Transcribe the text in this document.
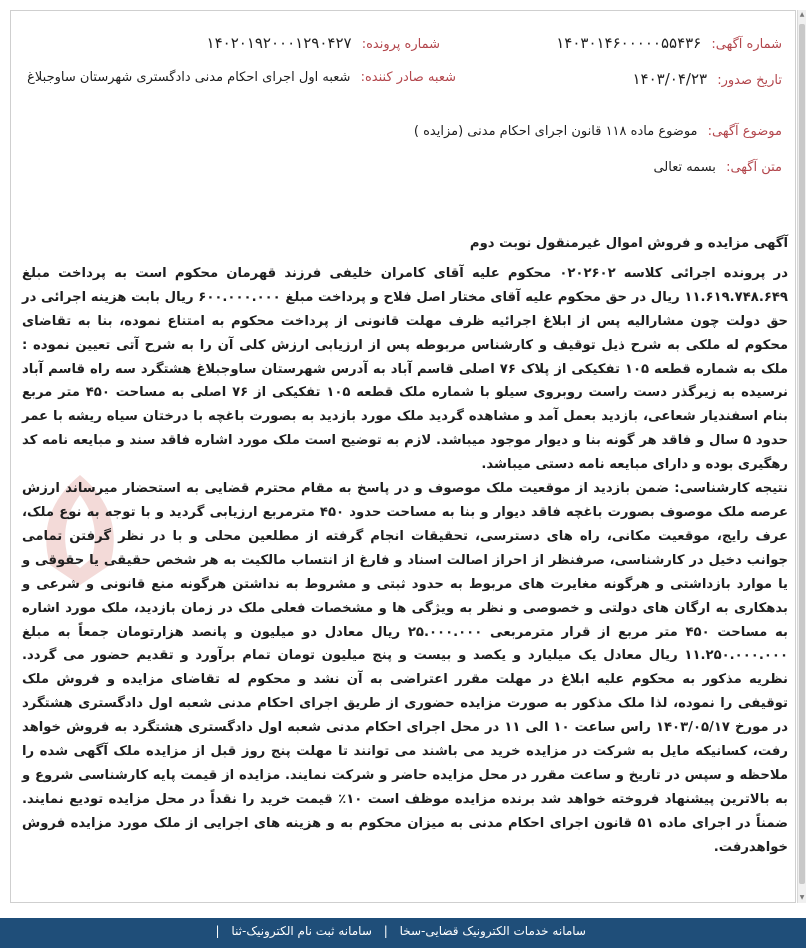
▲
▼
شماره آگهی: ۱۴۰۳۰۱۴۶۰۰۰۰۰۵۵۴۳۶
شماره پرونده: ۱۴۰۲۰۱۹۲۰۰۰۱۲۹۰۴۲۷
تاریخ صدور: ۱۴۰۳/۰۴/۲۳
شعبه صادر کننده: شعبه اول اجرای احکام مدنی دادگستری شهرستان ساوجبلاغ
موضوع آگهی: موضوع ماده ۱۱۸ قانون اجرای احکام مدنی (مزایده )
متن آگهی: بسمه تعالی
آگهی مزایده و فروش اموال غیرمنقول نوبت دوم

در پرونده اجرائی کلاسه ۰۲۰۲۶۰۲ محکوم علیه آقای کامران خلیفی فرزند قهرمان محکوم است به پرداخت مبلغ ۱۱.۶۱۹.۷۴۸.۶۴۹ ریال در حق محکوم علیه آقای مختار اصل فلاح و پرداخت مبلغ ۶۰۰.۰۰۰.۰۰۰ ریال بابت هزینه اجرائی در حق دولت چون مشارالیه پس از ابلاغ اجرائیه ظرف مهلت قانونی از پرداخت محکوم به امتناع نموده، بنا به تقاضای محکوم له ملکی به شرح ذیل توقیف و کارشناس مربوطه پس از ارزیابی ارزش کلی آن را به شرح آتی تعیین نموده : ملک به شماره قطعه ۱۰۵ تفکیکی از پلاک ۷۶ اصلی قاسم آباد به آدرس شهرستان ساوجبلاغ هشتگرد سه راه قاسم آباد نرسیده به زیرگذر دست راست روبروی سیلو با شماره ملک قطعه ۱۰۵ تفکیکی از ۷۶ اصلی به مساحت ۴۵۰ متر مربع بنام اسفندیار شعاعی، بازدید بعمل آمد و مشاهده گردید ملک مورد بازدید به بصورت باغچه با درختان سیاه ریشه با عمر حدود ۵ سال و فاقد هر گونه بنا و دیوار موجود میباشد. لازم به توضیح است ملک مورد اشاره فاقد سند و مبایعه نامه کد رهگیری بوده و دارای مبایعه نامه دستی میباشد.

نتیجه کارشناسی: ضمن بازدید از موقعیت ملک موصوف و در پاسخ به مقام محترم قضایی به استحضار میرساند ارزش عرصه ملک موصوف بصورت باغچه فاقد دیوار و بنا به مساحت حدود ۴۵۰ مترمربع ارزیابی گردید و با توجه به نوع ملک، عرف رایج، موقعیت مکانی، راه های دسترسی، تحقیقات انجام گرفته از مطلعین محلی و با در نظر گرفتن تمامی جوانب دخیل در کارشناسی، صرفنظر از احراز اصالت اسناد و فارغ از انتساب مالکیت به هر شخص حقیقی یا حقوقی و یا موارد بازداشتی و هرگونه مغایرت های مربوط به حدود ثبتی و مشروط به نداشتن هرگونه منع قانونی و شرعی و بدهکاری به ارگان های دولتی و خصوصی و نظر به ویژگی ها و مشخصات فعلی ملک در زمان بازدید، ملک مورد اشاره به مساحت ۴۵۰ متر مربع از قرار مترمربعی ۲۵.۰۰۰.۰۰۰ ریال معادل دو میلیون و پانصد هزارتومان جمعاً به مبلغ ۱۱.۲۵۰.۰۰۰.۰۰۰ ریال معادل یک میلیارد و یکصد و بیست و پنج میلیون تومان تمام برآورد و تقدیم حضور می گردد. نظریه مذکور به محکوم علیه ابلاغ در مهلت مقرر اعتراضی به آن نشد و محکوم له تقاضای مزایده و فروش ملک توقیفی را نموده، لذا ملک مذکور به صورت مزایده حضوری از طریق اجرای احکام مدنی شعبه اول دادگستری هشتگرد در مورخ ۱۴۰۳/۰۵/۱۷ راس ساعت ۱۰ الی ۱۱ در محل اجرای احکام مدنی شعبه اول دادگستری هشتگرد به فروش خواهد رفت، کسانیکه مایل به شرکت در مزایده خرید می باشند می توانند تا مهلت پنج روز قبل از مزایده ملک آگهی شده را ملاحظه و سپس در تاریخ و ساعت مقرر در محل مزایده حاضر و شرکت نمایند. مزایده از قیمت پایه کارشناسی شروع و به بالاترین پیشنهاد فروخته خواهد شد برنده مزایده موظف است ۱۰٪ قیمت خرید را نقداً در محل مزایده تودیع نمایند. ضمناً در اجرای ماده ۵۱ قانون اجرای احکام مدنی به میزان محکوم به و هزینه های اجرایی از ملک مورد مزایده فروش خواهدرفت.

سامانه خدمات الکترونیک قضایی-سخا | سامانه ثبت نام الکترونیک-ثنا |
